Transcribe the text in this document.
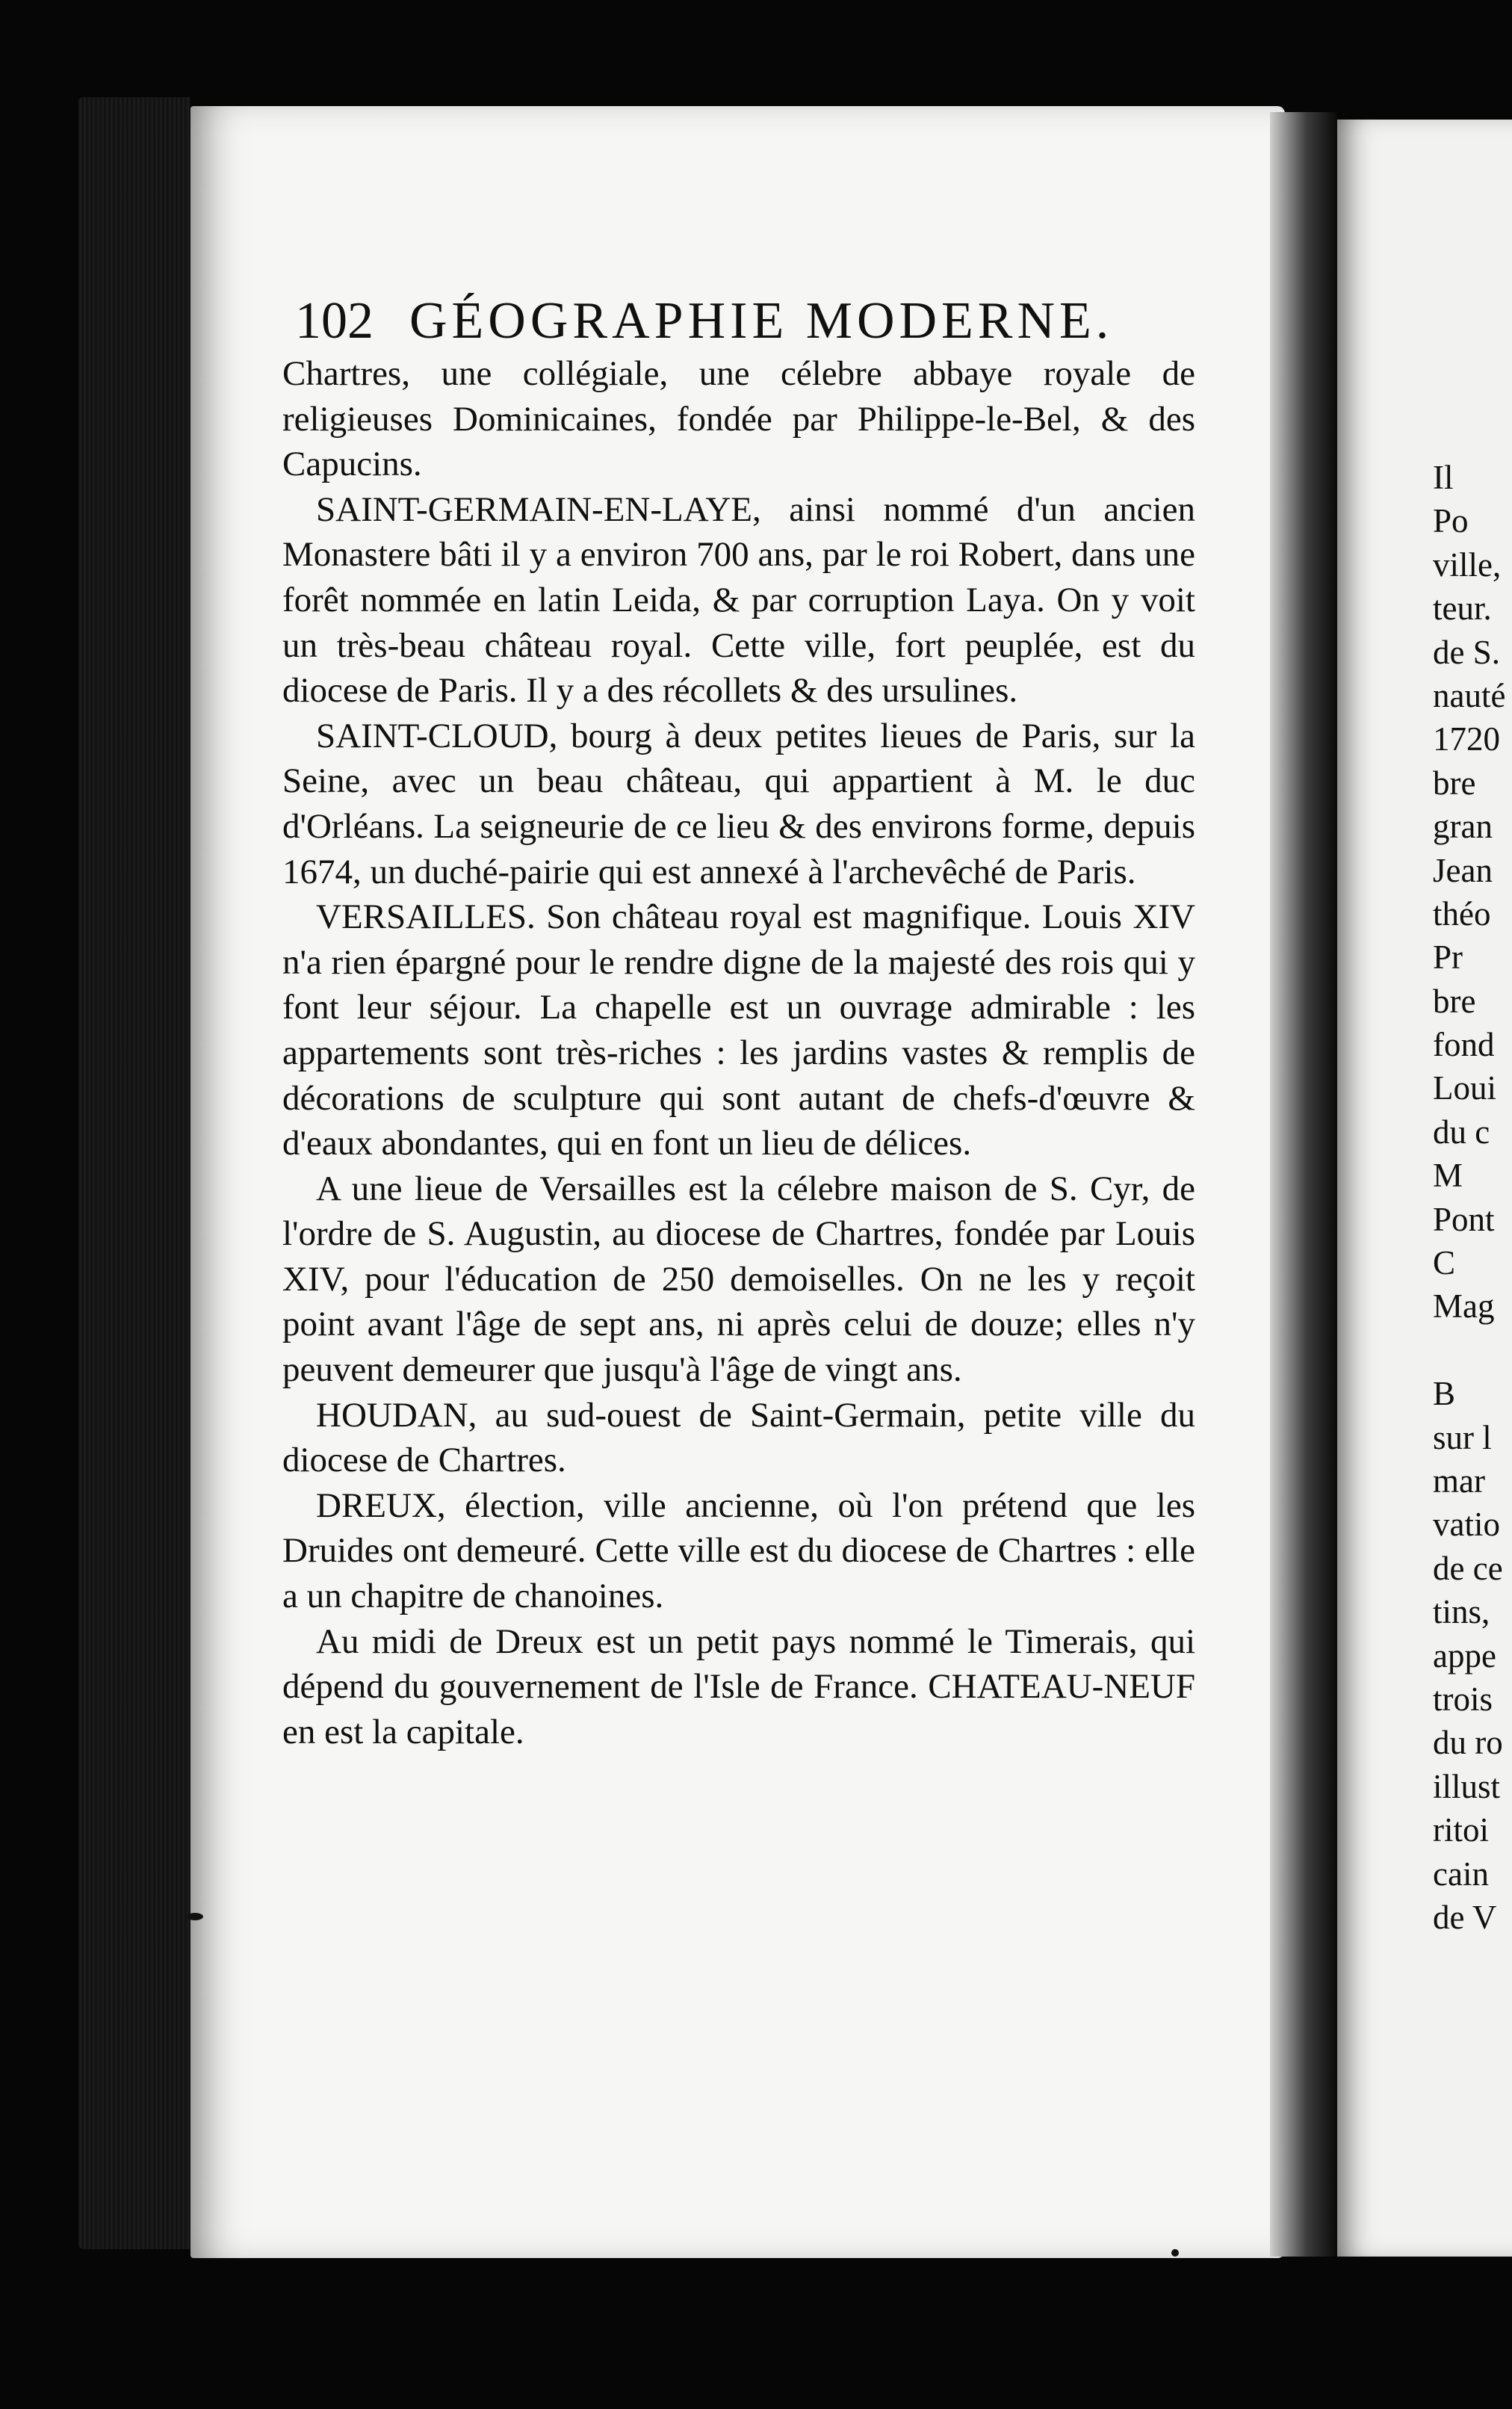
102 GÉOGRAPHIE MODERNE.

Chartres, une collégiale, une célebre abbaye royale de religieuses Dominicaines, fondée par Philippe-le-Bel, & des Capucins.

SAINT-GERMAIN-EN-LAYE, ainsi nommé d'un ancien Monastere bâti il y a environ 700 ans, par le roi Robert, dans une forêt nommée en latin Leida, & par corruption Laya. On y voit un très-beau château royal. Cette ville, fort peuplée, est du diocese de Paris. Il y a des récollets & des ursulines.

SAINT-CLOUD, bourg à deux petites lieues de Paris, sur la Seine, avec un beau château, qui appartient à M. le duc d'Orléans. La seigneurie de ce lieu & des environs forme, depuis 1674, un duché-pairie qui est annexé à l'archevêché de Paris.

VERSAILLES. Son château royal est magnifique. Louis XIV n'a rien épargné pour le rendre digne de la majesté des rois qui y font leur séjour. La chapelle est un ouvrage admirable : les appartements sont très-riches : les jardins vastes & remplis de décorations de sculpture qui sont autant de chefs-d'œuvre & d'eaux abondantes, qui en font un lieu de délices.

A une lieue de Versailles est la célebre maison de S. Cyr, de l'ordre de S. Augustin, au diocese de Chartres, fondée par Louis XIV, pour l'éducation de 250 demoiselles. On ne les y reçoit point avant l'âge de sept ans, ni après celui de douze; elles n'y peuvent demeurer que jusqu'à l'âge de vingt ans.

HOUDAN, au sud-ouest de Saint-Germain, petite ville du diocese de Chartres.

DREUX, élection, ville ancienne, où l'on prétend que les Druides ont demeuré. Cette ville est du diocese de Chartres : elle a un chapitre de chanoines.

Au midi de Dreux est un petit pays nommé le Timerais, qui dépend du gouvernement de l'Isle de France. CHATEAU-NEUF en est la capitale.

Il
Po
ville,
teur.
de S.
nauté
1720
bre
gran
Jean
théo
Pr
bre
fond
Loui
du c
M
Pont
C
Mag
B
sur l
mar
vatio
de ce
tins,
appe
trois
du ro
illust
ritoi
cain
de V
